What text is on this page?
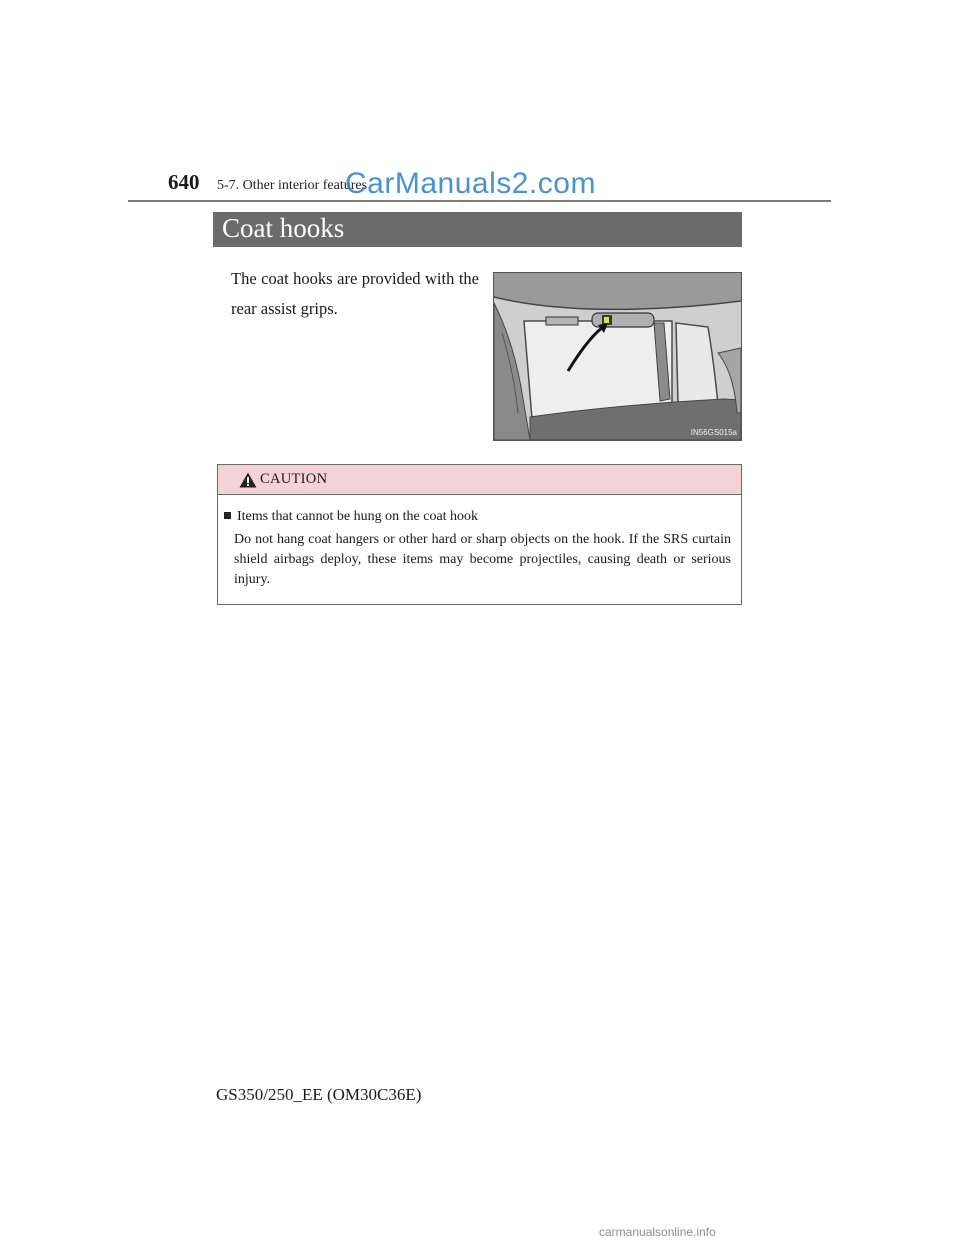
640 5-7. Other interior features
CarManuals2.com
Coat hooks
The coat hooks are provided with the rear assist grips.
IN56GS015a
CAUTION
Items that cannot be hung on the coat hook
Do not hang coat hangers or other hard or sharp objects on the hook. If the SRS curtain shield airbags deploy, these items may become projectiles, causing death or serious injury.
GS350/250_EE (OM30C36E)
carmanualsonline.info
